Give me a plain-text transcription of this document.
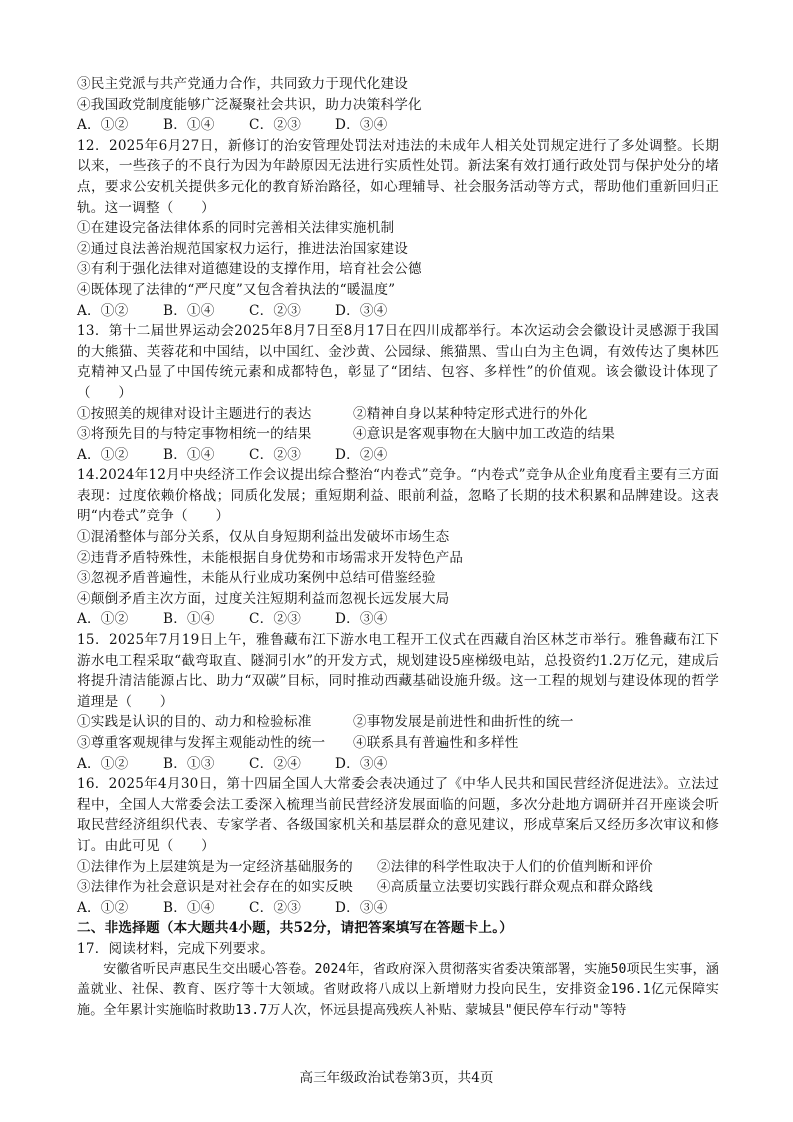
③民主党派与共产党通力合作，共同致力于现代化建设
④我国政党制度能够广泛凝聚社会共识，助力决策科学化
A．①②	B．①④	C．②③	D．③④
12．2025年6月27日，新修订的治安管理处罚法对违法的未成年人相关处罚规定进行了多处调整。长期以来，一些孩子的不良行为因为年龄原因无法进行实质性处罚。新法案有效打通行政处罚与保护处分的堵点，要求公安机关提供多元化的教育矫治路径，如心理辅导、社会服务活动等方式，帮助他们重新回归正轨。这一调整（　　）
①在建设完备法律体系的同时完善相关法律实施机制
②通过良法善治规范国家权力运行，推进法治国家建设
③有利于强化法律对道德建设的支撑作用，培育社会公德
④既体现了法律的“严尺度”又包含着执法的“暖温度”
A．①②	B．①④	C．②③	D．③④
13．第十二届世界运动会2025年8月7日至8月17日在四川成都举行。本次运动会会徽设计灵感源于我国的大熊猫、芙蓉花和中国结，以中国红、金沙黄、公园绿、熊猫黑、雪山白为主色调，有效传达了奥林匹克精神又凸显了中国传统元素和成都特色，彰显了“团结、包容、多样性”的价值观。该会徽设计体现了（　　）
①按照美的规律对设计主题进行的表达	②精神自身以某种特定形式进行的外化
③将预先目的与特定事物相统一的结果	④意识是客观事物在大脑中加工改造的结果
A．①②	B．①④	C．②③	D．②④
14.2024年12月中央经济工作会议提出综合整治“内卷式”竞争。“内卷式”竞争从企业角度看主要有三方面表现：过度依赖价格战；同质化发展；重短期利益、眼前利益，忽略了长期的技术积累和品牌建设。这表明“内卷式”竞争（　　）
①混淆整体与部分关系，仅从自身短期利益出发破坏市场生态
②违背矛盾特殊性，未能根据自身优势和市场需求开发特色产品
③忽视矛盾普遍性，未能从行业成功案例中总结可借鉴经验
④颠倒矛盾主次方面，过度关注短期利益而忽视长远发展大局
A．①②	B．①④	C．②③	D．③④
15．2025年7月19日上午，雅鲁藏布江下游水电工程开工仪式在西藏自治区林芝市举行。雅鲁藏布江下游水电工程采取“截弯取直、隧洞引水”的开发方式，规划建设5座梯级电站，总投资约1.2万亿元，建成后将提升清洁能源占比、助力“双碳”目标，同时推动西藏基础设施升级。这一工程的规划与建设体现的哲学道理是（　　）
①实践是认识的目的、动力和检验标准	②事物发展是前进性和曲折性的统一
③尊重客观规律与发挥主观能动性的统一	④联系具有普遍性和多样性
A．①②	B．①③	C．②④	D．③④
16．2025年4月30日，第十四届全国人大常委会表决通过了《中华人民共和国民营经济促进法》。立法过程中，全国人大常委会法工委深入梳理当前民营经济发展面临的问题，多次分赴地方调研并召开座谈会听取民营经济组织代表、专家学者、各级国家机关和基层群众的意见建议，形成草案后又经历多次审议和修订。由此可见（　　）
①法律作为上层建筑是为一定经济基础服务的	②法律的科学性取决于人们的价值判断和评价
③法律作为社会意识是对社会存在的如实反映	④高质量立法要切实践行群众观点和群众路线
A．①②	B．①④	C．②③	D．③④
二、非选择题（本大题共4小题，共52分，请把答案填写在答题卡上。）
17．阅读材料，完成下列要求。
安徽省听民声惠民生交出暖心答卷。2024年，省政府深入贯彻落实省委决策部署，实施50项民生实事，涵盖就业、社保、教育、医疗等十大领域。省财政将八成以上新增财力投向民生，安排资金196.1亿元保障实施。全年累计实施临时救助13.7万人次，怀远县提高残疾人补贴、蒙城县"便民停车行动"等特
高三年级政治试卷第3页，共4页
